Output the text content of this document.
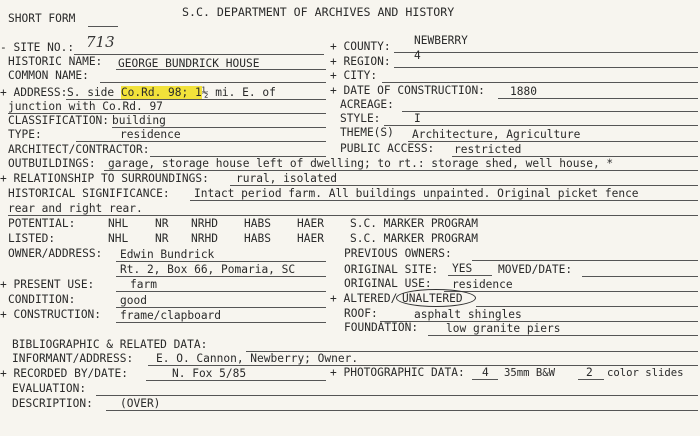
SHORT FORM	S.C. DEPARTMENT OF ARCHIVES AND HISTORY
- SITE NO.: 713
HISTORIC NAME: GEORGE BUNDRICK HOUSE
COMMON NAME:
+ ADDRESS: S. side Co.Rd. 98; 1½ mi. E. of
junction with Co.Rd. 97
CLASSIFICATION: building
TYPE:	residence
ARCHITECT/CONTRACTOR:
+ COUNTY: NEWBERRY
+ REGION: 4
+ CITY:
+ DATE OF CONSTRUCTION: 1880
ACREAGE:
STYLE:	I
THEME(S) Architecture, Agriculture
PUBLIC ACCESS: restricted
OUTBUILDINGS: garage, storage house left of dwelling; to rt.: storage shed, well house, *
+ RELATIONSHIP TO SURROUNDINGS: rural, isolated
HISTORICAL SIGNIFICANCE: Intact period farm. All buildings unpainted. Original picket fence
rear and right rear.
POTENTIAL:	NHL NR NRHD HABS HAER S.C. MARKER PROGRAM
LISTED:	NHL NR NRHD HABS HAER S.C. MARKER PROGRAM
OWNER/ADDRESS: Edwin Bundrick
Rt. 2, Box 66, Pomaria, SC
PREVIOUS OWNERS:
ORIGINAL SITE: YES MOVED/DATE:
+ PRESENT USE:	farm	ORIGINAL USE: residence
CONDITION:	good	+ ALTERED/ UNALTERED
+ CONSTRUCTION: frame/clapboard	ROOF:	asphalt shingles
FOUNDATION: low granite piers
BIBLIOGRAPHIC & RELATED DATA:
INFORMANT/ADDRESS: E. O. Cannon, Newberry; Owner.
+ RECORDED BY/DATE:	N. Fox 5/85	+ PHOTOGRAPHIC DATA: 4 35mm B&W	2 color slides
EVALUATION:
DESCRIPTION: (OVER)
